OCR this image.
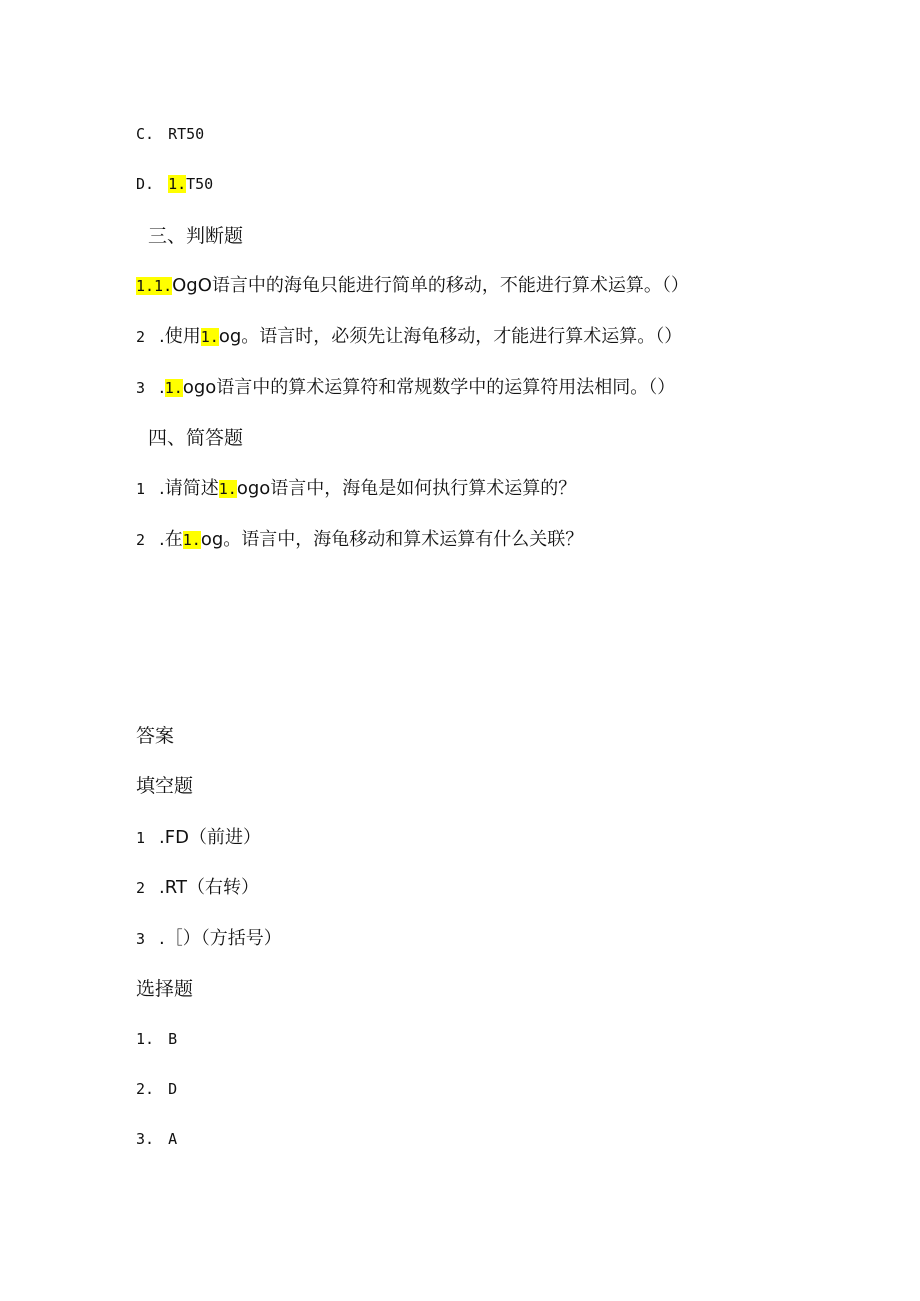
C. RT50
D. 1.T50
三、判断题
1.1.OgO语言中的海龟只能进行简单的移动，不能进行算术运算。（）
2 .使用1.og。语言时，必须先让海龟移动，才能进行算术运算。（）
3 .1.ogo语言中的算术运算符和常规数学中的运算符用法相同。（）
四、简答题
1 .请简述1.ogo语言中，海龟是如何执行算术运算的？
2 .在1.og。语言中，海龟移动和算术运算有什么关联？
答案
填空题
1 .FD（前进）
2 .RT（右转）
3 .［）（方括号）
选择题
1. B
2. D
3. A
